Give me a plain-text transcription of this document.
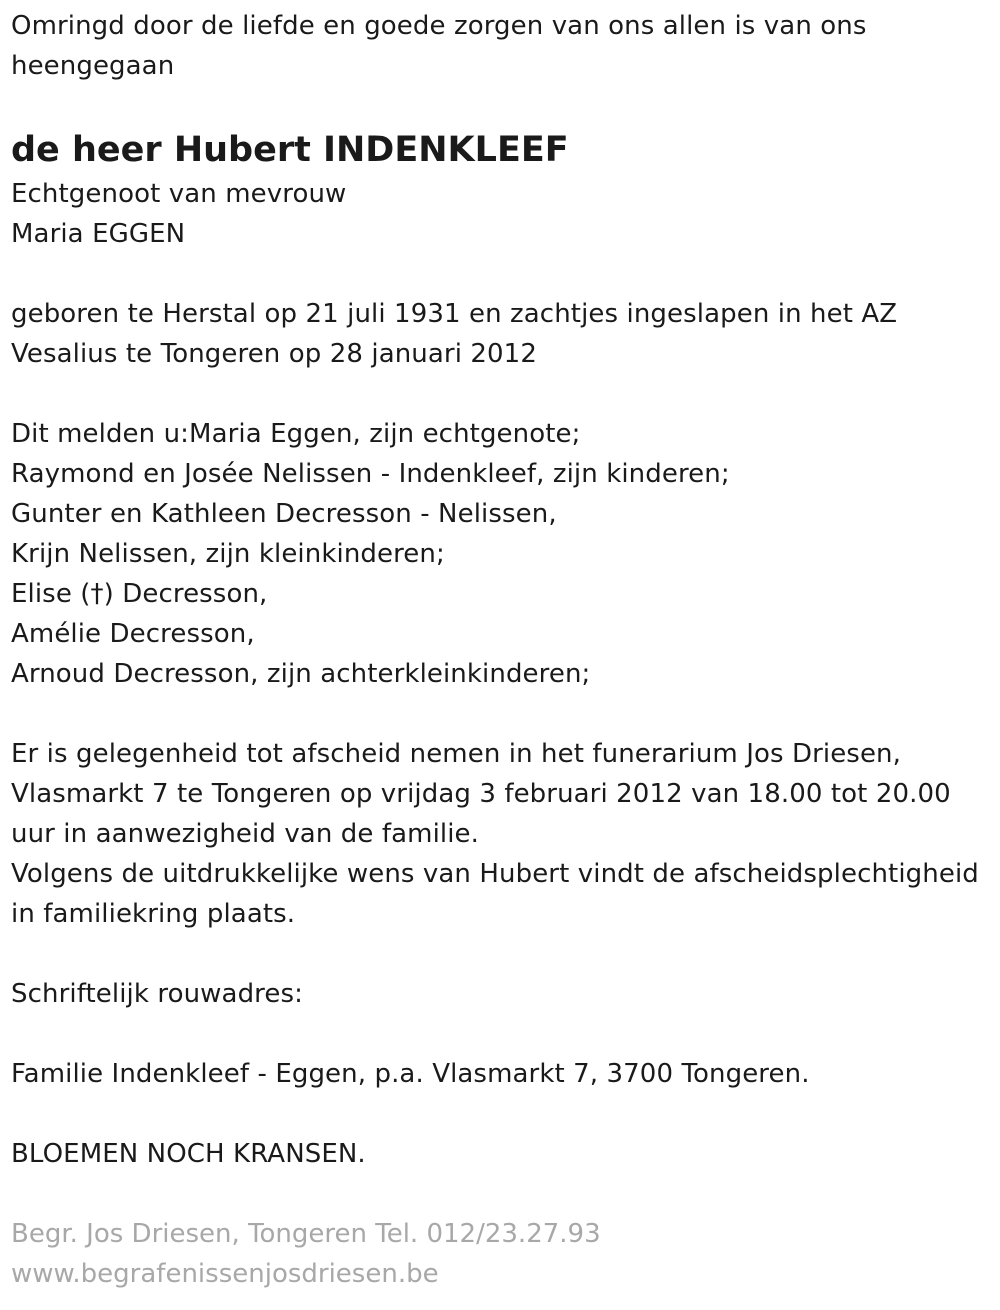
Omringd door de liefde en goede zorgen van ons allen is van ons
heengegaan
de heer Hubert INDENKLEEF
Echtgenoot van mevrouw
Maria EGGEN
geboren te Herstal op 21 juli 1931 en zachtjes ingeslapen in het AZ
Vesalius te Tongeren op 28 januari 2012
Dit melden u:Maria Eggen, zijn echtgenote;
Raymond en Josée Nelissen - Indenkleef, zijn kinderen;
Gunter en Kathleen Decresson - Nelissen,
Krijn Nelissen, zijn kleinkinderen;
Elise (†) Decresson,
Amélie Decresson,
Arnoud Decresson, zijn achterkleinkinderen;
Er is gelegenheid tot afscheid nemen in het funerarium Jos Driesen,
Vlasmarkt 7 te Tongeren op vrijdag 3 februari 2012 van 18.00 tot 20.00
uur in aanwezigheid van de familie.
Volgens de uitdrukkelijke wens van Hubert vindt de afscheidsplechtigheid
in familiekring plaats.
Schriftelijk rouwadres:
Familie Indenkleef - Eggen, p.a. Vlasmarkt 7, 3700 Tongeren.
BLOEMEN NOCH KRANSEN.
Begr. Jos Driesen, Tongeren Tel. 012/23.27.93
www.begrafenissenjosdriesen.be
